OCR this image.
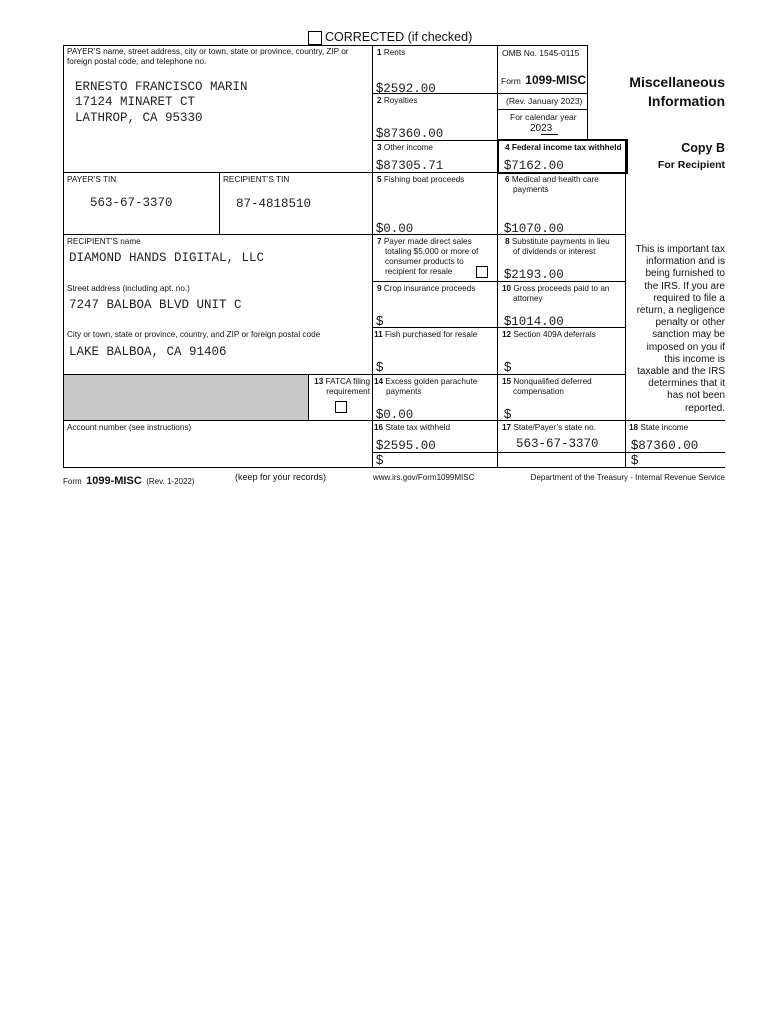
CORRECTED (if checked)
PAYER’S name, street address, city or town, state or province, country, ZIP or foreign postal code, and telephone no.
ERNESTO FRANCISCO MARIN
17124 MINARET CT
LATHROP, CA 95330
1 Rents
$2592.00
2 Royalties
$87360.00
3 Other income
$87305.71
4 Federal income tax withheld
$7162.00
OMB No. 1545-0115
Form 1099-MISC
(Rev. January 2023)
For calendar year
2023
Miscellaneous
Information
Copy B
For Recipient
PAYER’S TIN
563-67-3370
RECIPIENT’S TIN
87-4818510
5 Fishing boat proceeds
$0.00
6 Medical and health care
payments
$1070.00
RECIPIENT’S name
DIAMOND HANDS DIGITAL, LLC
Street address (including apt. no.)
7247 BALBOA BLVD UNIT C
City or town, state or province, country, and ZIP or foreign postal code
LAKE BALBOA, CA 91406
7 Payer made direct sales
totaling $5,000 or more of
consumer products to
recipient for resale
8 Substitute payments in lieu
of dividends or interest
$2193.00
9 Crop insurance proceeds
$
10 Gross proceeds paid to an
attorney
$1014.00
11 Fish purchased for resale
$
12 Section 409A deferrals
$
13 FATCA filing
requirement
14 Excess golden parachute
payments
$0.00
15 Nonqualified deferred
compensation
$
Account number (see instructions)	16 State tax withheld
$2595.00
$
17 State/Payer’s state no.
563-67-3370
18 State income
$87360.00
$
This is important tax
information and is
being furnished to
the IRS. If you are
required to file a
return, a negligence
penalty or other
sanction may be
imposed on you if
this income is
taxable and the IRS
determines that it
has not been
reported.
Form 1099-MISC (Rev. 1-2022)	(keep for your records)	www.irs.gov/Form1099MISC	Department of the Treasury - Internal Revenue Service
